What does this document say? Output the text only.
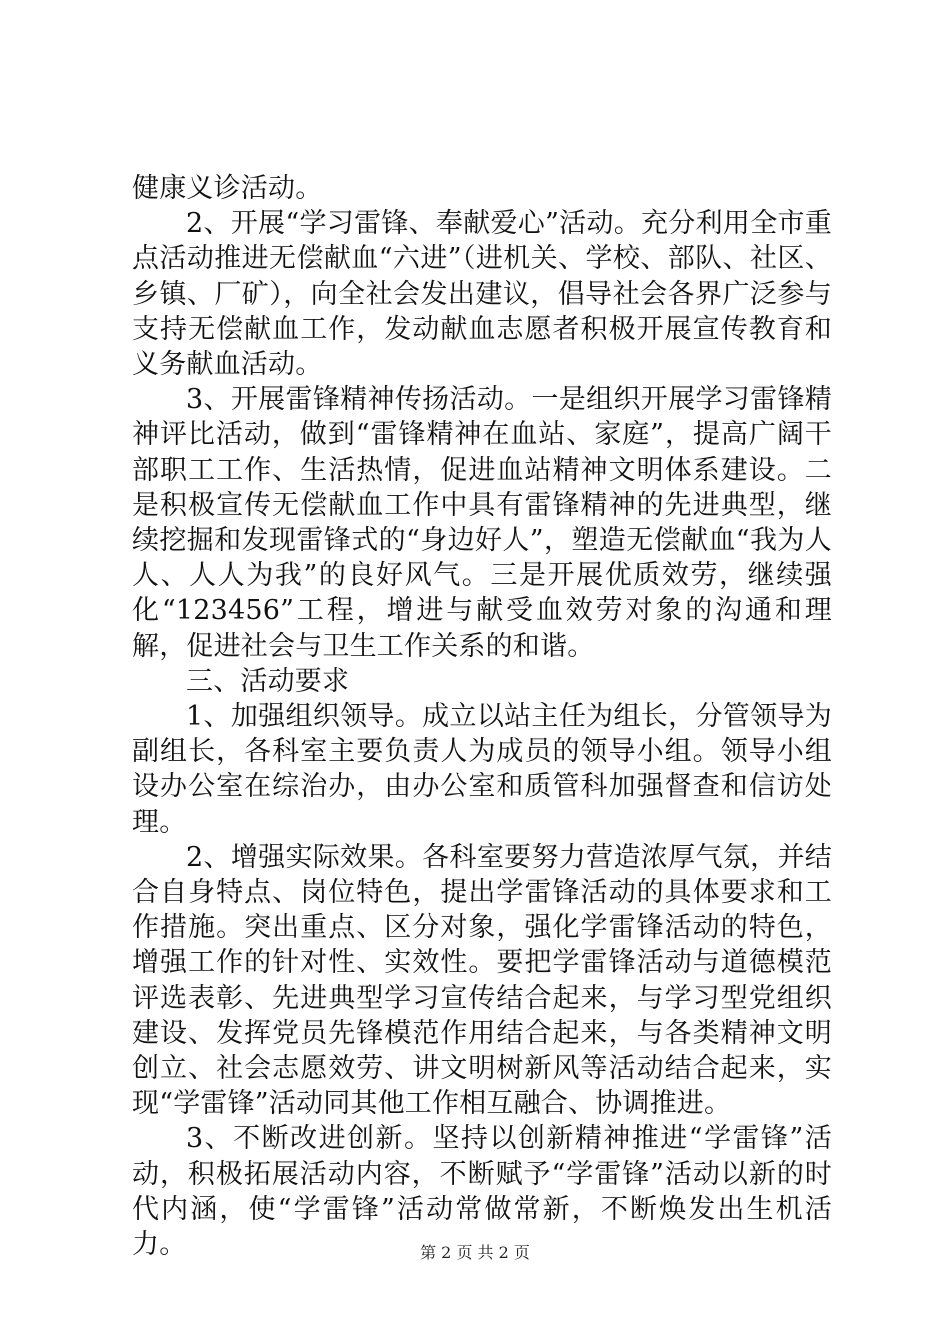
健康义诊活动。

2、开展“学习雷锋、奉献爱心”活动。充分利用全市重点活动推进无偿献血“六进”（进机关、学校、部队、社区、乡镇、厂矿），向全社会发出建议，倡导社会各界广泛参与支持无偿献血工作，发动献血志愿者积极开展宣传教育和义务献血活动。

3、开展雷锋精神传扬活动。一是组织开展学习雷锋精神评比活动，做到“雷锋精神在血站、家庭”，提高广阔干部职工工作、生活热情，促进血站精神文明体系建设。二是积极宣传无偿献血工作中具有雷锋精神的先进典型，继续挖掘和发现雷锋式的“身边好人”，塑造无偿献血“我为人人、人人为我”的良好风气。三是开展优质效劳，继续强化“123456”工程，增进与献受血效劳对象的沟通和理解，促进社会与卫生工作关系的和谐。

三、活动要求

1、加强组织领导。成立以站主任为组长，分管领导为副组长，各科室主要负责人为成员的领导小组。领导小组设办公室在综治办，由办公室和质管科加强督查和信访处理。

2、增强实际效果。各科室要努力营造浓厚气氛，并结合自身特点、岗位特色，提出学雷锋活动的具体要求和工作措施。突出重点、区分对象，强化学雷锋活动的特色，增强工作的针对性、实效性。要把学雷锋活动与道德模范评选表彰、先进典型学习宣传结合起来，与学习型党组织建设、发挥党员先锋模范作用结合起来，与各类精神文明创立、社会志愿效劳、讲文明树新风等活动结合起来，实现“学雷锋”活动同其他工作相互融合、协调推进。

3、不断改进创新。坚持以创新精神推进“学雷锋”活动，积极拓展活动内容，不断赋予“学雷锋”活动以新的时代内涵，使“学雷锋”活动常做常新，不断焕发出生机活力。	第 2 页 共 2 页
